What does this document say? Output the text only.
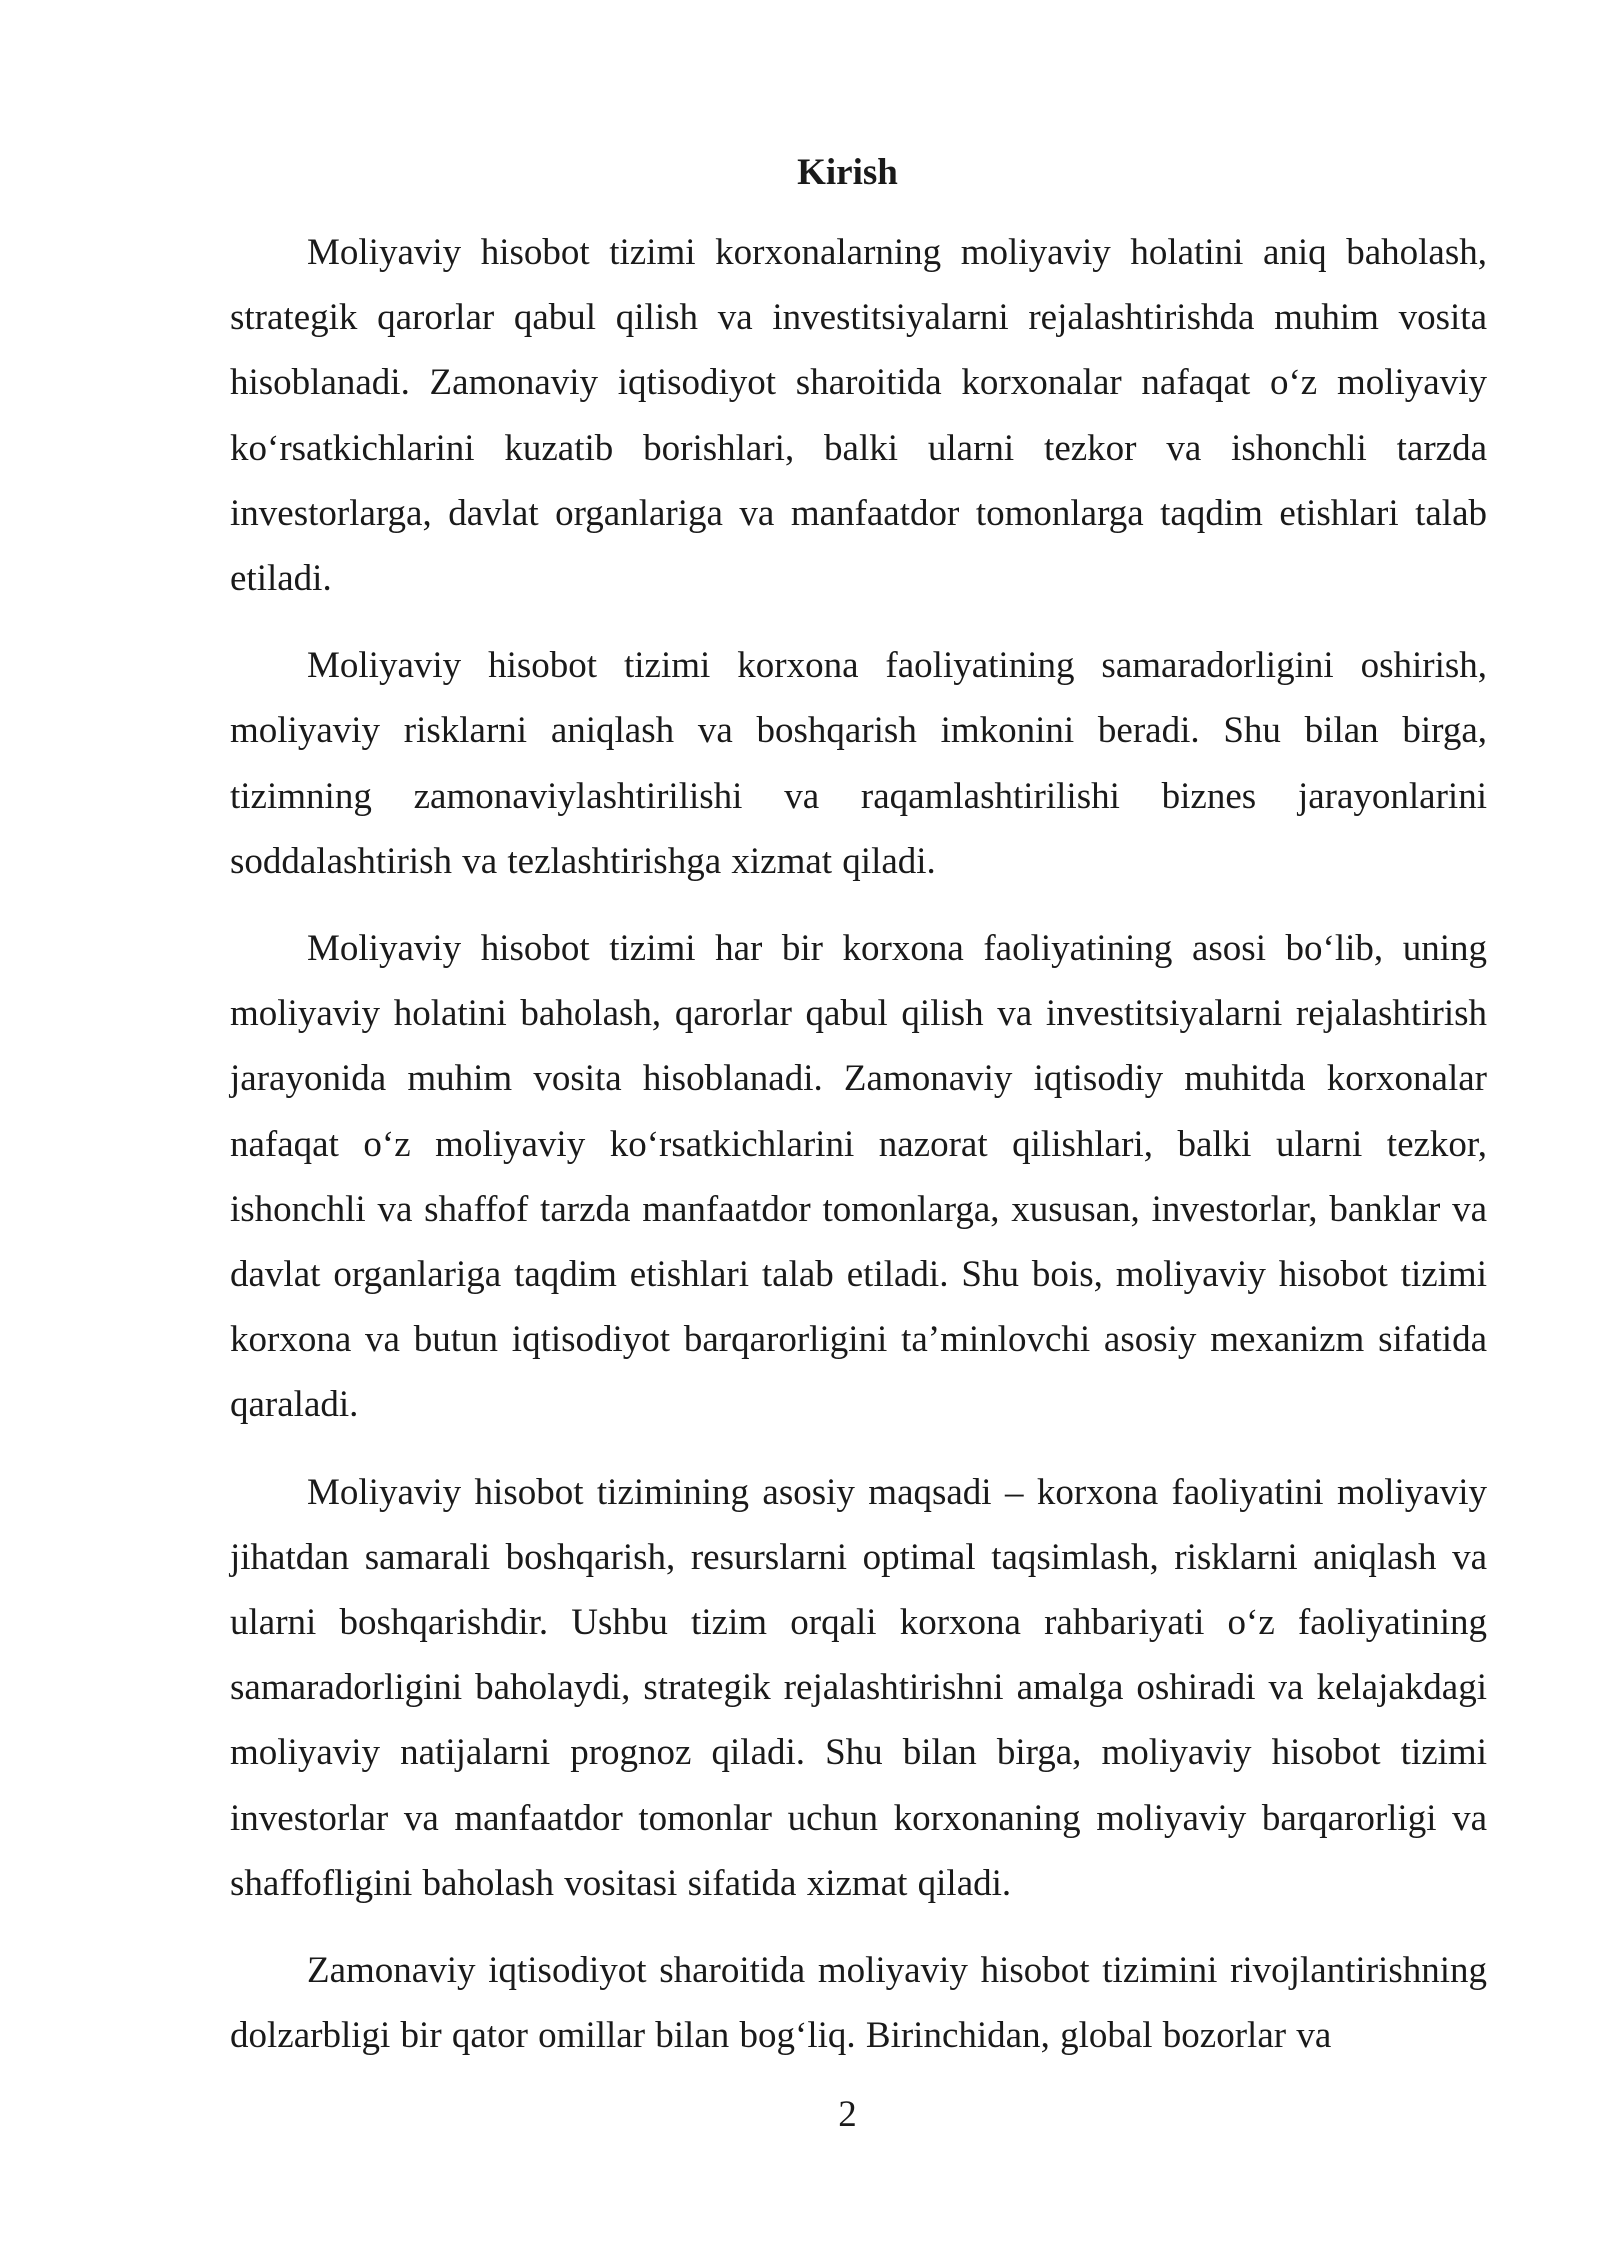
Kirish

Moliyaviy hisobot tizimi korxonalarning moliyaviy holatini aniq baholash, strategik qarorlar qabul qilish va investitsiyalarni rejalashtirishda muhim vosita hisoblanadi. Zamonaviy iqtisodiyot sharoitida korxonalar nafaqat o‘z moliyaviy ko‘rsatkichlarini kuzatib borishlari, balki ularni tezkor va ishonchli tarzda investorlarga, davlat organlariga va manfaatdor tomonlarga taqdim etishlari talab etiladi.

Moliyaviy hisobot tizimi korxona faoliyatining samaradorligini oshirish, moliyaviy risklarni aniqlash va boshqarish imkonini beradi. Shu bilan birga, tizimning zamonaviylashtirilishi va raqamlashtirilishi biznes jarayonlarini soddalashtirish va tezlashtirishga xizmat qiladi.

Moliyaviy hisobot tizimi har bir korxona faoliyatining asosi bo‘lib, uning moliyaviy holatini baholash, qarorlar qabul qilish va investitsiyalarni rejalashtirish jarayonida muhim vosita hisoblanadi. Zamonaviy iqtisodiy muhitda korxonalar nafaqat o‘z moliyaviy ko‘rsatkichlarini nazorat qilishlari, balki ularni tezkor, ishonchli va shaffof tarzda manfaatdor tomonlarga, xususan, investorlar, banklar va davlat organlariga taqdim etishlari talab etiladi. Shu bois, moliyaviy hisobot tizimi korxona va butun iqtisodiyot barqarorligini ta’minlovchi asosiy mexanizm sifatida qaraladi.

Moliyaviy hisobot tizimining asosiy maqsadi – korxona faoliyatini moliyaviy jihatdan samarali boshqarish, resurslarni optimal taqsimlash, risklarni aniqlash va ularni boshqarishdir. Ushbu tizim orqali korxona rahbariyati o‘z faoliyatining samaradorligini baholaydi, strategik rejalashtirishni amalga oshiradi va kelajakdagi moliyaviy natijalarni prognoz qiladi. Shu bilan birga, moliyaviy hisobot tizimi investorlar va manfaatdor tomonlar uchun korxonaning moliyaviy barqarorligi va shaffofligini baholash vositasi sifatida xizmat qiladi.

Zamonaviy iqtisodiyot sharoitida moliyaviy hisobot tizimini rivojlantirishning dolzarbligi bir qator omillar bilan bog‘liq. Birinchidan, global bozorlar va

2
